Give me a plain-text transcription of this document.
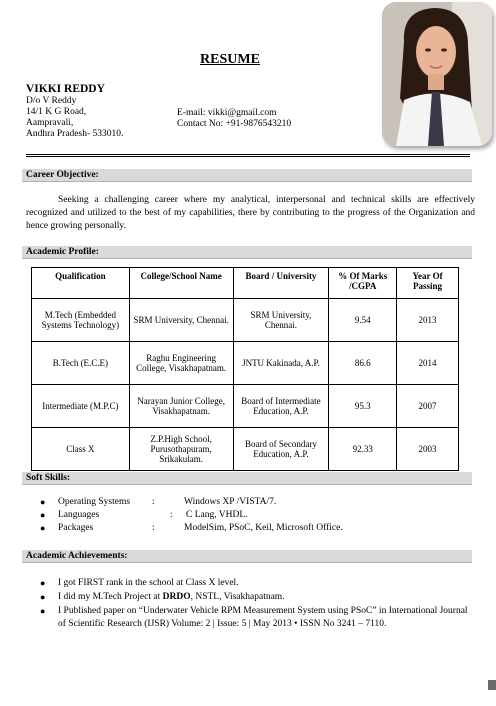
RESUME
VIKKI REDDY
D/o V Reddy
14/1 K G Road,
Aampravali,
Andhra Pradesh- 533010.
E-mail: vikki@gmail.com
Contact No: +91-9876543210
Career Objective:
Seeking a challenging career where my analytical, interpersonal and technical skills are effectively recognized and utilized to the best of my capabilities, there by contributing to the progress of the Organization and hence growing personally.
Academic Profile:
Qualification	College/School Name	Board / University	% Of Marks /CGPA	Year Of Passing
M.Tech (Embedded Systems Technology)	SRM University, Chennai.	SRM University, Chennai.	9.54	2013
B.Tech (E.C.E)	Raghu Engineering College, Visakhapatnam.	JNTU Kakinada, A.P.	86.6	2014
Intermediate (M.P.C)	Narayan Junior College, Visakhapatnam.	Board of Intermediate Education, A.P.	95.3	2007
Class X	Z.P.High School, Purusothapuram, Srikakulam.	Board of Secondary Education, A.P.	92.33	2003
Soft Skills:
● Operating Systems :	Windows XP /VISTA/7.
● Languages	: C Lang, VHDL.
● Packages	:	ModelSim, PSoC, Keil, Microsoft Office.
Academic Achievements:
● I got FIRST rank in the school at Class X level.
● I did my M.Tech Project at DRDO, NSTL, Visakhapatnam.
● I Published paper on “Underwater Vehicle RPM Measurement System using PSoC” in International Journal of Scientific Research (IJSR) Volume: 2 | Issue: 5 | May 2013 • ISSN No 3241 – 7110.
